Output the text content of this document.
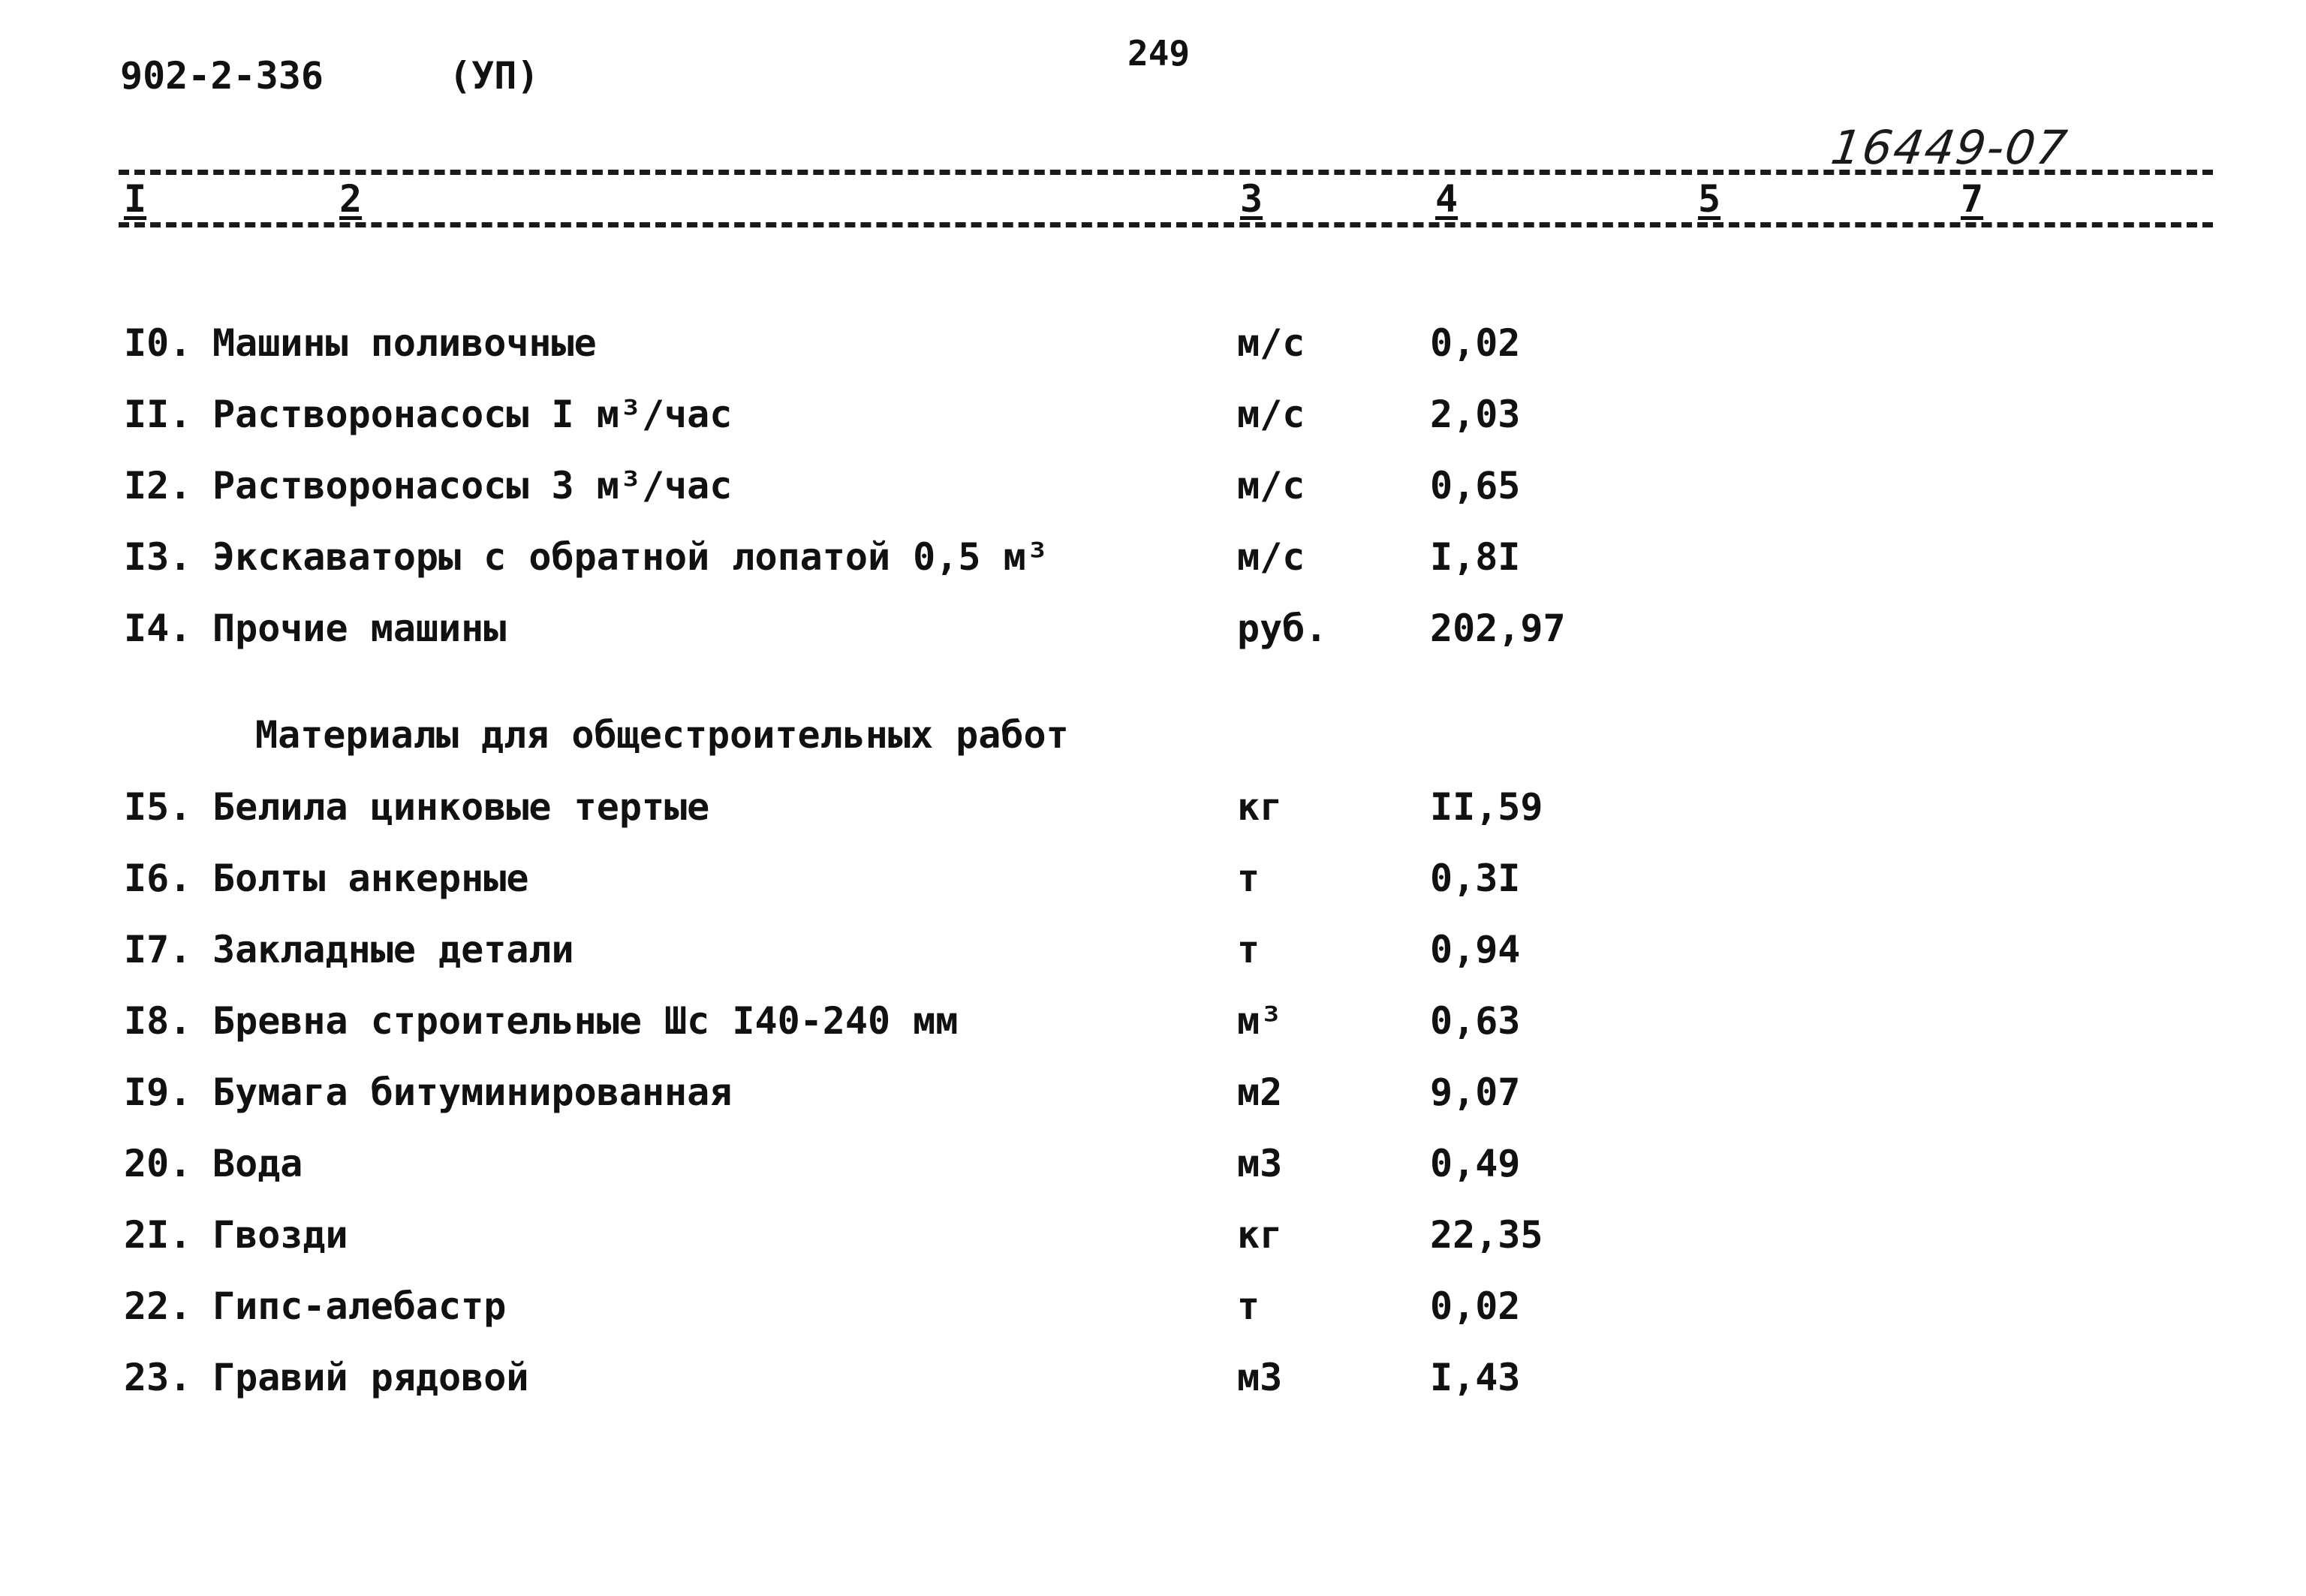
902-2-336	(УП)
249
16449-07
I	2	3	4	5	7
I0. Машины поливочные	м/с	0,02
II. Растворонасосы I м³/час	м/с	2,03
I2. Растворонасосы 3 м³/час	м/с	0,65
I3. Экскаваторы с обратной лопатой 0,5 м³	м/с	I,8I
I4. Прочие машины	руб.	202,97
Материалы для общестроительных работ
I5. Белила цинковые тертые	кг	II,59
I6. Болты анкерные	т	0,3I
I7. Закладные детали	т	0,94
I8. Бревна строительные Шс I40-240 мм	м³	0,63
I9. Бумага битуминированная	м2	9,07
20. Вода	м3	0,49
2I. Гвозди	кг	22,35
22. Гипс-алебастр	т	0,02
23. Гравий рядовой	м3	I,43
